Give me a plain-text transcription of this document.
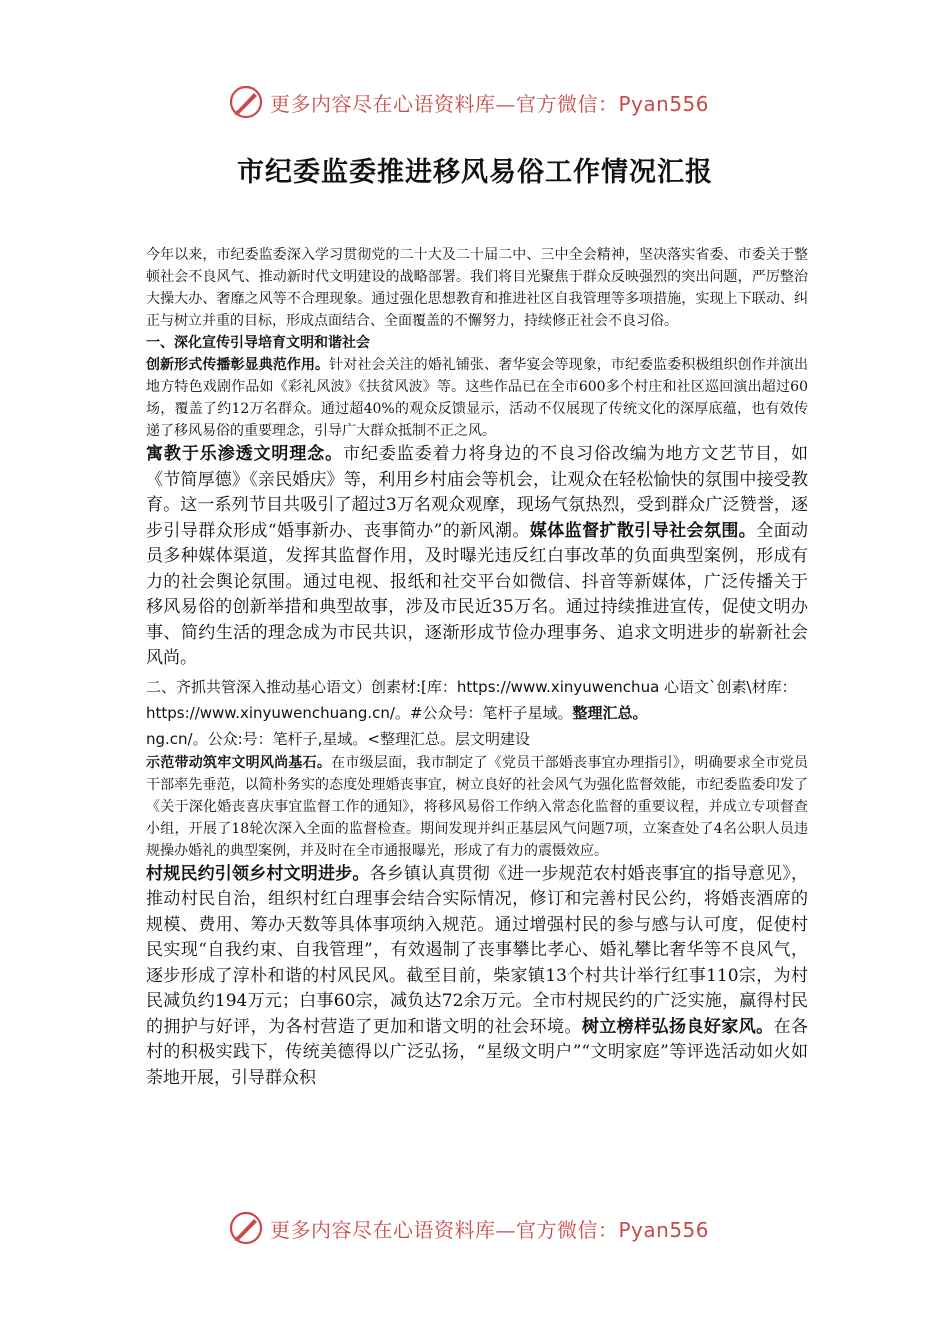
更多内容尽在心语资料库—官方微信：Pyan556
市纪委监委推进移风易俗工作情况汇报

今年以来，市纪委监委深入学习贯彻党的二十大及二十届二中、三中全会精神，坚决落实省委、市委关于整顿社会不良风气、推动新时代文明建设的战略部署。我们将目光聚焦于群众反映强烈的突出问题，严厉整治大操大办、奢靡之风等不合理现象。通过强化思想教育和推进社区自我管理等多项措施，实现上下联动、纠正与树立并重的目标，形成点面结合、全面覆盖的不懈努力，持续修正社会不良习俗。

一、深化宣传引导培育文明和谐社会

创新形式传播彰显典范作用。针对社会关注的婚礼铺张、奢华宴会等现象，市纪委监委积极组织创作并演出地方特色戏剧作品如《彩礼风波》《扶贫风波》等。这些作品已在全市600多个村庄和社区巡回演出超过60场，覆盖了约12万名群众。通过超40%的观众反馈显示，活动不仅展现了传统文化的深厚底蕴，也有效传递了移风易俗的重要理念，引导广大群众抵制不正之风。

寓教于乐渗透文明理念。市纪委监委着力将身边的不良习俗改编为地方文艺节目，如《节简厚德》《亲民婚庆》等，利用乡村庙会等机会，让观众在轻松愉快的氛围中接受教育。这一系列节目共吸引了超过3万名观众观摩，现场气氛热烈，受到群众广泛赞誉，逐步引导群众形成“婚事新办、丧事简办”的新风潮。媒体监督扩散引导社会氛围。全面动员多种媒体渠道，发挥其监督作用，及时曝光违反红白事改革的负面典型案例，形成有力的社会舆论氛围。通过电视、报纸和社交平台如微信、抖音等新媒体，广泛传播关于移风易俗的创新举措和典型故事，涉及市民近35万名。通过持续推进宣传，促使文明办事、简约生活的理念成为市民共识，逐渐形成节俭办理事务、追求文明进步的崭新社会风尚。

二、齐抓共管深入推动基心语文）创素材:[库：https://www.xinyuwenchua 心语文`创素\材库：https://www.xinyuwenchuang.cn/。#公众号：笔杆子星域。整理汇总。
ng.cn/。公众:号：笔杆子,星域。<整理汇总。层文明建设

示范带动筑牢文明风尚基石。在市级层面，我市制定了《党员干部婚丧事宜办理指引》，明确要求全市党员干部率先垂范，以简朴务实的态度处理婚丧事宜，树立良好的社会风气为强化监督效能，市纪委监委印发了《关于深化婚丧喜庆事宜监督工作的通知》，将移风易俗工作纳入常态化监督的重要议程，并成立专项督查小组，开展了18轮次深入全面的监督检查。期间发现并纠正基层风气问题7项，立案查处了4名公职人员违规操办婚礼的典型案例，并及时在全市通报曝光，形成了有力的震慑效应。

村规民约引领乡村文明进步。各乡镇认真贯彻《进一步规范农村婚丧事宜的指导意见》，推动村民自治，组织村红白理事会结合实际情况，修订和完善村民公约，将婚丧酒席的规模、费用、筹办天数等具体事项纳入规范。通过增强村民的参与感与认可度，促使村民实现“自我约束、自我管理”，有效遏制了丧事攀比孝心、婚礼攀比奢华等不良风气，逐步形成了淳朴和谐的村风民风。截至目前，柴家镇13个村共计举行红事110宗，为村民减负约194万元；白事60宗，减负达72余万元。全市村规民约的广泛实施，赢得村民的拥护与好评，为各村营造了更加和谐文明的社会环境。树立榜样弘扬良好家风。在各村的积极实践下，传统美德得以广泛弘扬，“星级文明户”“文明家庭”等评选活动如火如荼地开展，引导群众积

更多内容尽在心语资料库—官方微信：Pyan556
